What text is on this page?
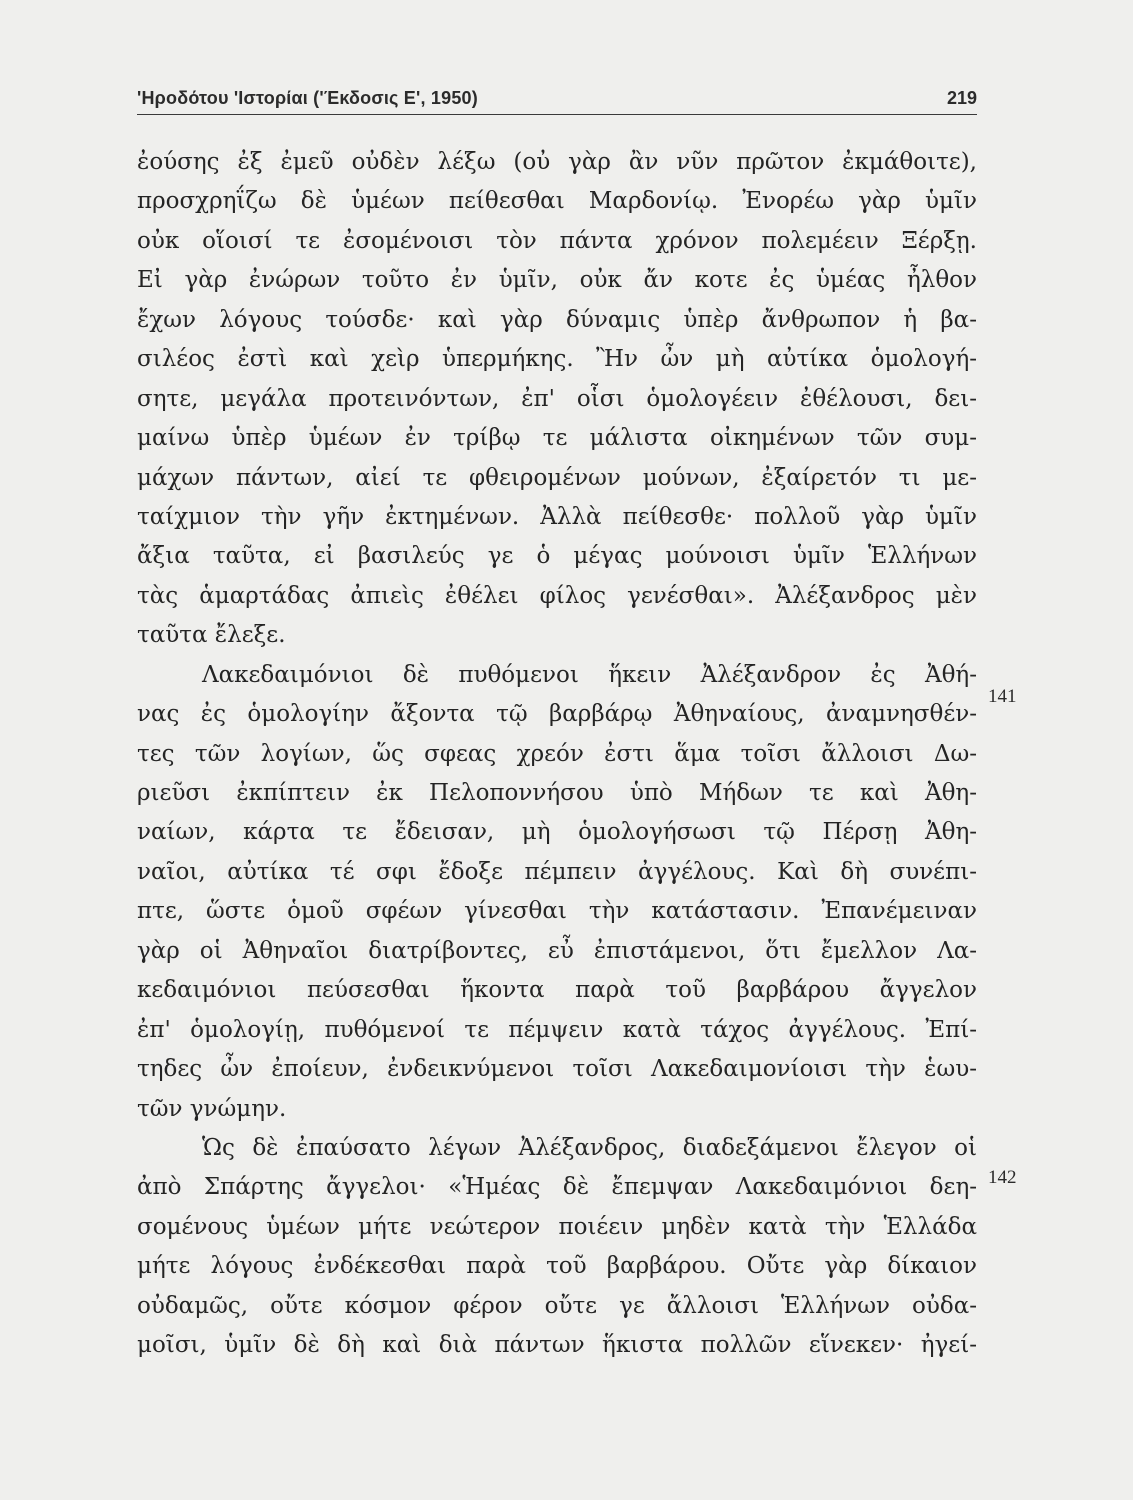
'Ηροδότου 'Ιστορίαι ('Έκδοσις Ε', 1950)	219
141
142
ἐούσης ἐξ ἐμεῦ οὐδὲν λέξω (οὐ γὰρ ἂν νῦν πρῶτον ἐκμάθοιτε),
προσχρηΐζω δὲ ὑμέων πείθεσθαι Μαρδονίῳ. Ἐνορέω γὰρ ὑμῖν
οὐκ οἵοισί τε ἐσομένοισι τὸν πάντα χρόνον πολεμέειν Ξέρξῃ.
Εἰ γὰρ ἐνώρων τοῦτο ἐν ὑμῖν, οὐκ ἄν κοτε ἐς ὑμέας ἦλθον
ἔχων λόγους τούσδε· καὶ γὰρ δύναμις ὑπὲρ ἄνθρωπον ἡ βα-
σιλέος ἐστὶ καὶ χεὶρ ὑπερμήκης. Ἢν ὦν μὴ αὐτίκα ὁμολογή-
σητε, μεγάλα προτεινόντων, ἐπ' οἷσι ὁμολογέειν ἐθέλουσι, δει-
μαίνω ὑπὲρ ὑμέων ἐν τρίβῳ τε μάλιστα οἰκημένων τῶν συμ-
μάχων πάντων, αἰεί τε φθειρομένων μούνων, ἐξαίρετόν τι με-
ταίχμιον τὴν γῆν ἐκτημένων. Ἀλλὰ πείθεσθε· πολλοῦ γὰρ ὑμῖν
ἄξια ταῦτα, εἰ βασιλεύς γε ὁ μέγας μούνοισι ὑμῖν Ἑλλήνων
τὰς ἁμαρτάδας ἀπιεὶς ἐθέλει φίλος γενέσθαι». Ἀλέξανδρος μὲν
ταῦτα ἔλεξε.
Λακεδαιμόνιοι δὲ πυθόμενοι ἥκειν Ἀλέξανδρον ἐς Ἀθή-
νας ἐς ὁμολογίην ἄξοντα τῷ βαρβάρῳ Ἀθηναίους, ἀναμνησθέν-
τες τῶν λογίων, ὥς σφεας χρεόν ἐστι ἅμα τοῖσι ἄλλοισι Δω-
ριεῦσι ἐκπίπτειν ἐκ Πελοποννήσου ὑπὸ Μήδων τε καὶ Ἀθη-
ναίων, κάρτα τε ἔδεισαν, μὴ ὁμολογήσωσι τῷ Πέρσῃ Ἀθη-
ναῖοι, αὐτίκα τέ σφι ἔδοξε πέμπειν ἀγγέλους. Καὶ δὴ συνέπι-
πτε, ὥστε ὁμοῦ σφέων γίνεσθαι τὴν κατάστασιν. Ἐπανέμειναν
γὰρ οἱ Ἀθηναῖοι διατρίβοντες, εὖ ἐπιστάμενοι, ὅτι ἔμελλον Λα-
κεδαιμόνιοι πεύσεσθαι ἥκοντα παρὰ τοῦ βαρβάρου ἄγγελον
ἐπ' ὁμολογίῃ, πυθόμενοί τε πέμψειν κατὰ τάχος ἀγγέλους. Ἐπί-
τηδες ὦν ἐποίευν, ἐνδεικνύμενοι τοῖσι Λακεδαιμονίοισι τὴν ἑωυ-
τῶν γνώμην.
Ὡς δὲ ἐπαύσατο λέγων Ἀλέξανδρος, διαδεξάμενοι ἔλεγον οἱ
ἀπὸ Σπάρτης ἄγγελοι· «Ἡμέας δὲ ἔπεμψαν Λακεδαιμόνιοι δεη-
σομένους ὑμέων μήτε νεώτερον ποιέειν μηδὲν κατὰ τὴν Ἑλλάδα
μήτε λόγους ἐνδέκεσθαι παρὰ τοῦ βαρβάρου. Οὔτε γὰρ δίκαιον
οὐδαμῶς, οὔτε κόσμον φέρον οὔτε γε ἄλλοισι Ἑλλήνων οὐδα-
μοῖσι, ὑμῖν δὲ δὴ καὶ διὰ πάντων ἥκιστα πολλῶν εἵνεκεν· ἠγεί-
